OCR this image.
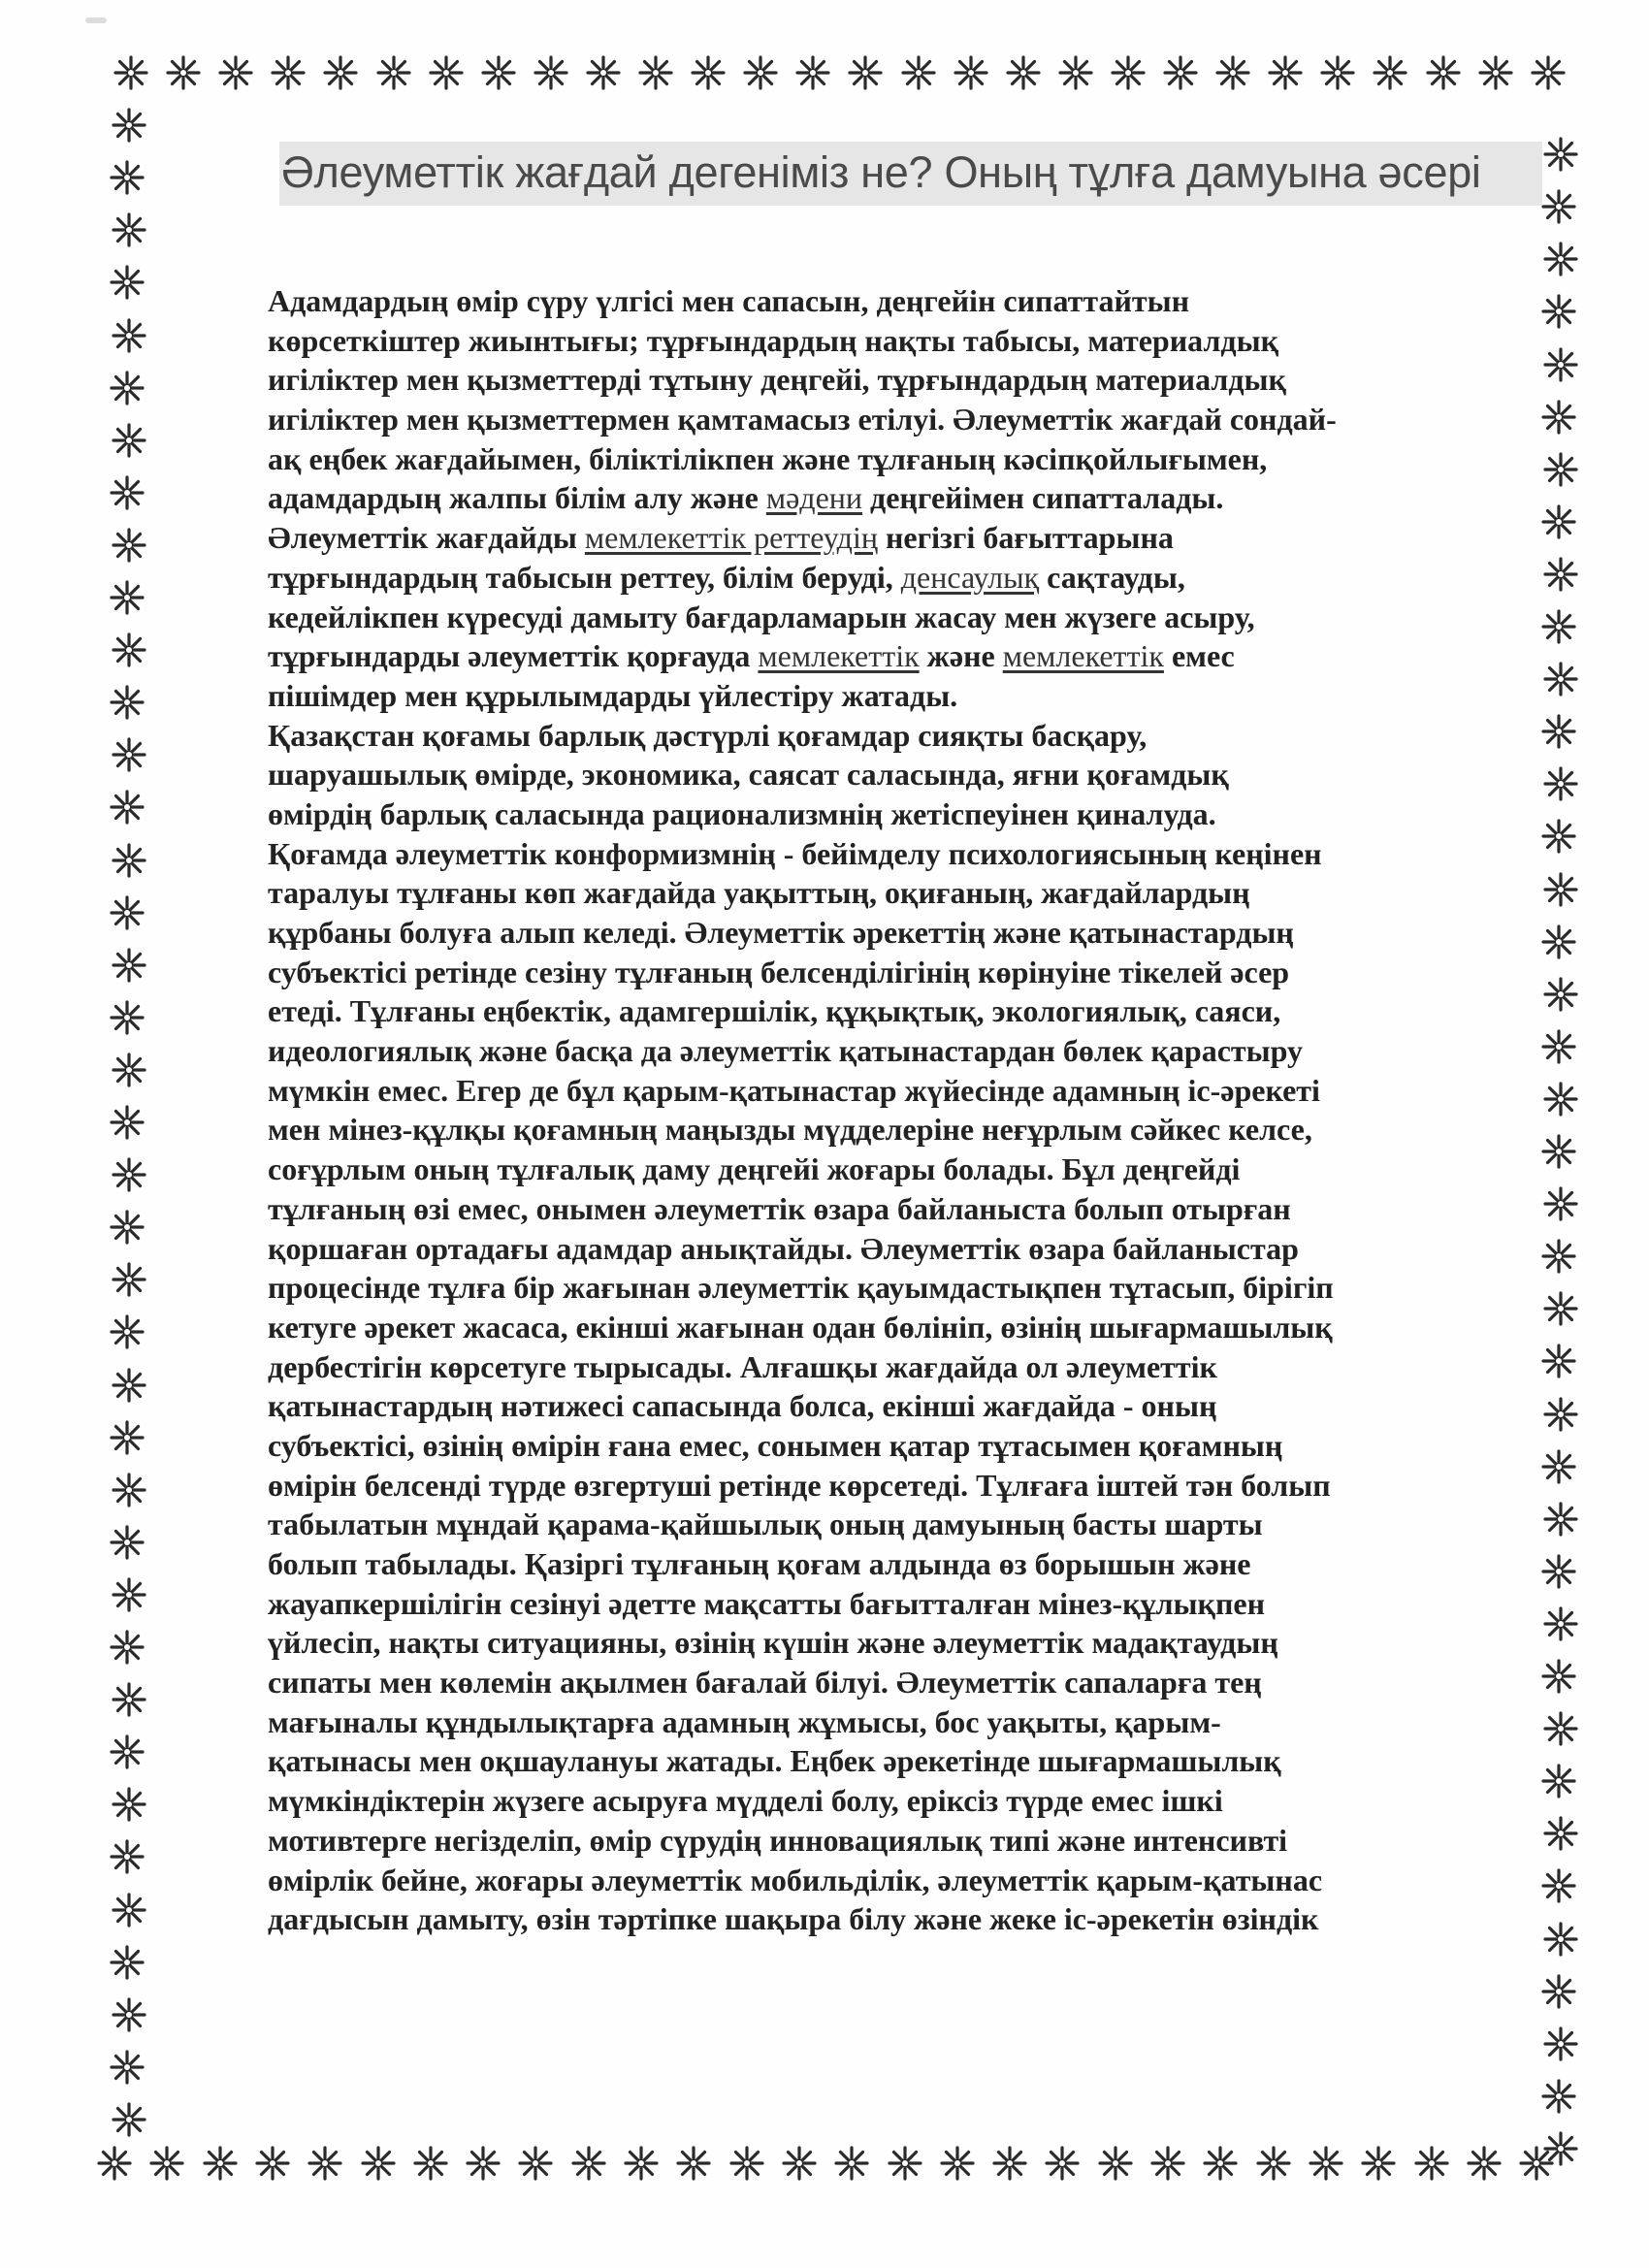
Әлеуметтік жағдай дегеніміз не? Оның тұлға дамуына әсері
Адамдардың өмір сүру үлгісі мен сапасын, деңгейін сипаттайтын
көрсеткіштер жиынтығы; тұрғындардың нақты табысы, материалдық
игіліктер мен қызметтерді тұтыну деңгейі, тұрғындардың материалдық
игіліктер мен қызметтермен қамтамасыз етілуі. Әлеуметтік жағдай сондай-
ақ еңбек жағдайымен, біліктілікпен және тұлғаның кәсіпқойлығымен,
адамдардың жалпы білім алу және мәдени деңгейімен сипатталады.
Әлеуметтік жағдайды мемлекеттік реттеудің негізгі бағыттарына
тұрғындардың табысын реттеу, білім беруді, денсаулық сақтауды,
кедейлікпен күресуді дамыту бағдарламарын жасау мен жүзеге асыру,
тұрғындарды әлеуметтік қорғауда мемлекеттік және мемлекеттік емес
пішімдер мен құрылымдарды үйлестіру жатады.
Қазақстан қоғамы барлық дәстүрлі қоғамдар сияқты басқару,
шаруашылық өмірде, экономика, саясат саласында, яғни қоғамдық
өмірдің барлық саласында рационализмнің жетіспеуінен қиналуда.
Қоғамда әлеуметтік конформизмнің - бейімделу психологиясының кеңінен
таралуы тұлғаны көп жағдайда уақыттың, оқиғаның, жағдайлардың
құрбаны болуға алып келеді. Әлеуметтік әрекеттің және қатынастардың
субъектісі ретінде сезіну тұлғаның белсенділігінің көрінуіне тікелей әсер
етеді. Тұлғаны еңбектік, адамгершілік, құқықтық, экологиялық, саяси,
идеологиялық және басқа да әлеуметтік қатынастардан бөлек қарастыру
мүмкін емес. Егер де бұл қарым-қатынастар жүйесінде адамның іс-әрекеті
мен мінез-құлқы қоғамның маңызды мүдделеріне неғұрлым сәйкес келсе,
соғұрлым оның тұлғалық даму деңгейі жоғары болады. Бұл деңгейді
тұлғаның өзі емес, онымен әлеуметтік өзара байланыста болып отырған
қоршаған ортадағы адамдар анықтайды. Әлеуметтік өзара байланыстар
процесінде тұлға бір жағынан әлеуметтік қауымдастықпен тұтасып, бірігіп
кетуге әрекет жасаса, екінші жағынан одан бөлініп, өзінің шығармашылық
дербестігін көрсетуге тырысады. Алғашқы жағдайда ол әлеуметтік
қатынастардың нәтижесі сапасында болса, екінші жағдайда - оның
субъектісі, өзінің өмірін ғана емес, сонымен қатар тұтасымен қоғамның
өмірін белсенді түрде өзгертуші ретінде көрсетеді. Тұлғаға іштей тән болып
табылатын мұндай қарама-қайшылық оның дамуының басты шарты
болып табылады. Қазіргі тұлғаның қоғам алдында өз борышын және
жауапкершілігін сезінуі әдетте мақсатты бағытталған мінез-құлықпен
үйлесіп, нақты ситуацияны, өзінің күшін және әлеуметтік мадақтаудың
сипаты мен көлемін ақылмен бағалай білуі. Әлеуметтік сапаларға тең
мағыналы құндылықтарға адамның жұмысы, бос уақыты, қарым-
қатынасы мен оқшаулануы жатады. Еңбек әрекетінде шығармашылық
мүмкіндіктерін жүзеге асыруға мүдделі болу, еріксіз түрде емес ішкі
мотивтерге негізделіп, өмір сүрудің инновациялық типі және интенсивті
өмірлік бейне, жоғары әлеуметтік мобильділік, әлеуметтік қарым-қатынас
дағдысын дамыту, өзін тәртіпке шақыра білу және жеке іс-әрекетін өзіндік
